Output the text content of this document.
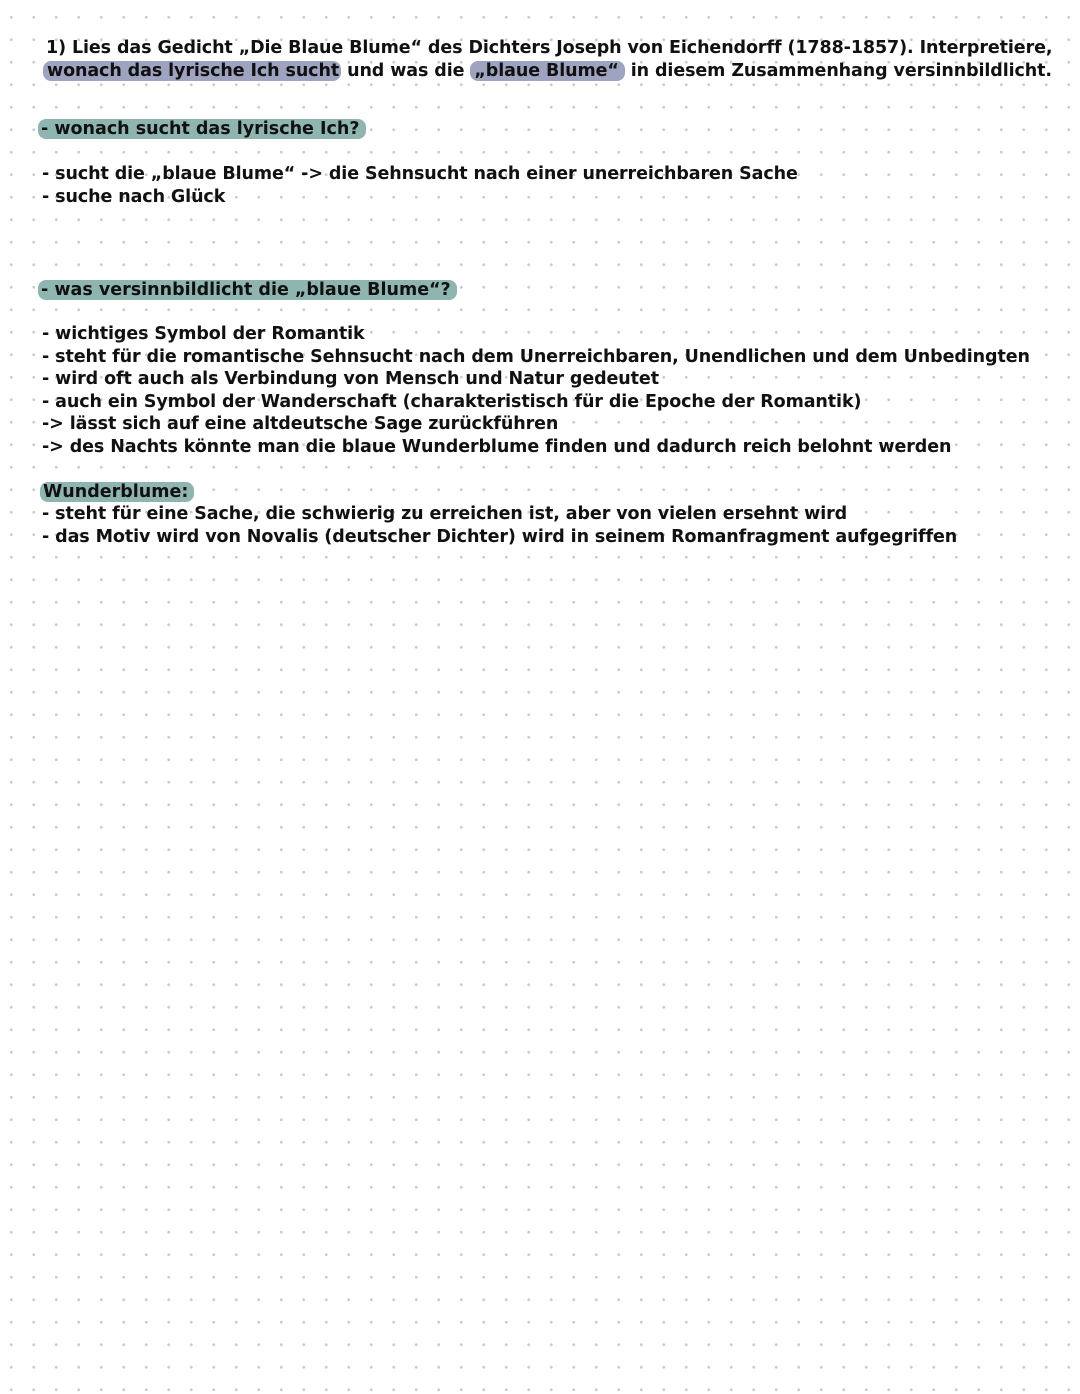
1) Lies das Gedicht „Die Blaue Blume“ des Dichters Joseph von Eichendorff (1788-1857). Interpretiere,
wonach das lyrische Ich sucht und was die „blaue Blume“ in diesem Zusammenhang versinnbildlicht.
- wonach sucht das lyrische Ich?
- sucht die „blaue Blume“ -> die Sehnsucht nach einer unerreichbaren Sache
- suche nach Glück
- was versinnbildlicht die „blaue Blume“?
- wichtiges Symbol der Romantik
- steht für die romantische Sehnsucht nach dem Unerreichbaren, Unendlichen und dem Unbedingten
- wird oft auch als Verbindung von Mensch und Natur gedeutet
- auch ein Symbol der Wanderschaft (charakteristisch für die Epoche der Romantik)
-> lässt sich auf eine altdeutsche Sage zurückführen
-> des Nachts könnte man die blaue Wunderblume finden und dadurch reich belohnt werden
Wunderblume:
- steht für eine Sache, die schwierig zu erreichen ist, aber von vielen ersehnt wird
- das Motiv wird von Novalis (deutscher Dichter) wird in seinem Romanfragment aufgegriffen
